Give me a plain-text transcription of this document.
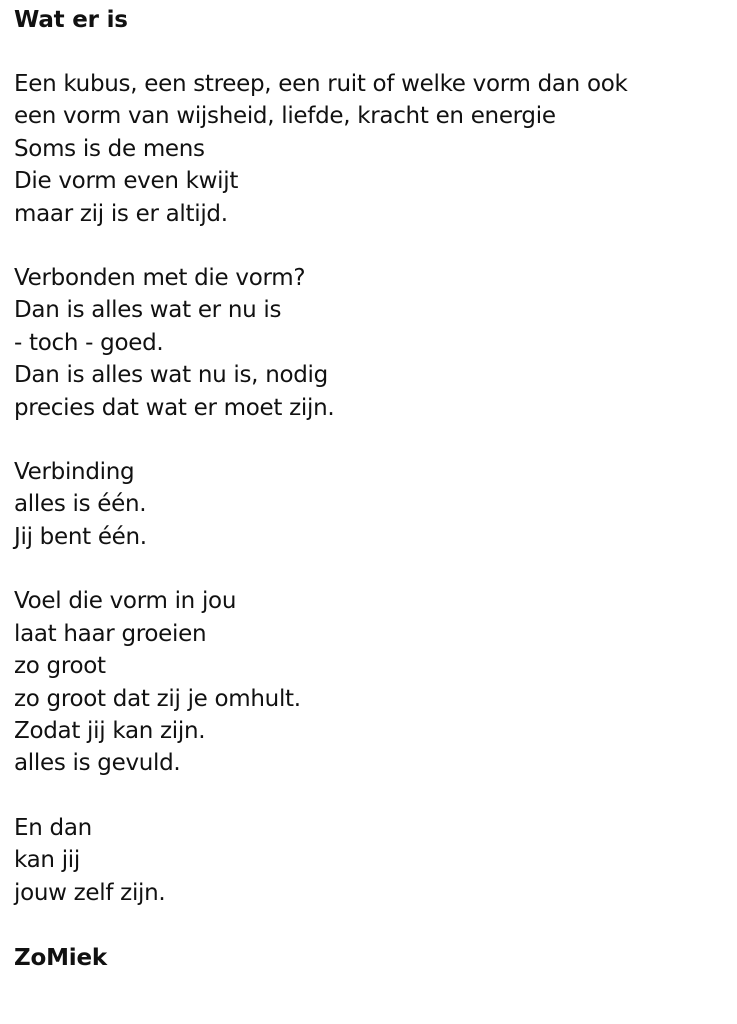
Wat er is
Een kubus, een streep, een ruit of welke vorm dan ook
een vorm van wijsheid, liefde, kracht en energie
Soms is de mens
Die vorm even kwijt
maar zij is er altijd.
Verbonden met die vorm?
Dan is alles wat er nu is
- toch - goed.
Dan is alles wat nu is, nodig
precies dat wat er moet zijn.
Verbinding
alles is één.
Jij bent één.
Voel die vorm in jou
laat haar groeien
zo groot
zo groot dat zij je omhult.
Zodat jij kan zijn.
alles is gevuld.
En dan
kan jij
jouw zelf zijn.
ZoMiek
